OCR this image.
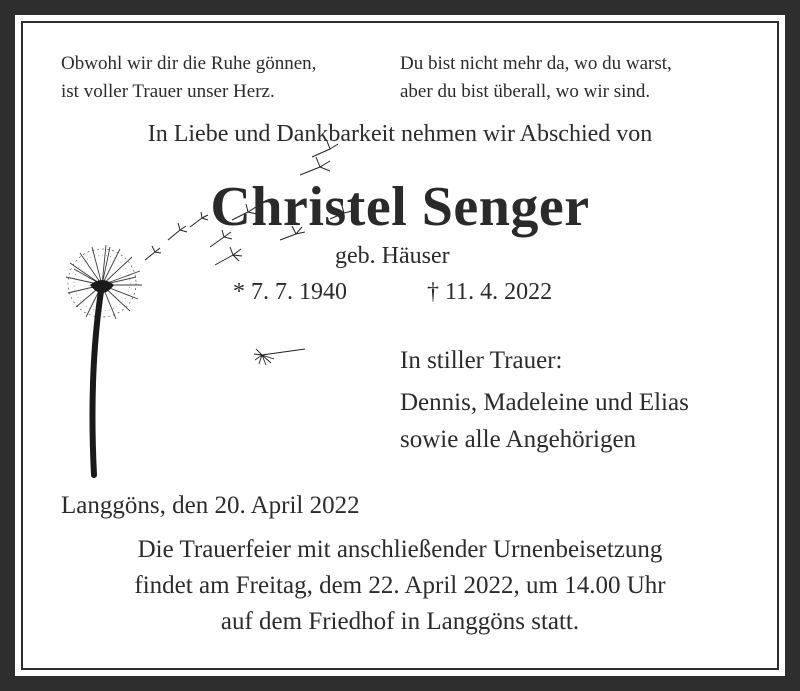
Obwohl wir dir die Ruhe gönnen,
ist voller Trauer unser Herz.
Du bist nicht mehr da, wo du warst,
aber du bist überall, wo wir sind.
In Liebe und Dankbarkeit nehmen wir Abschied von
Christel Senger
geb. Häuser
* 7. 7. 1940	† 11. 4. 2022
In stiller Trauer:
Dennis, Madeleine und Elias
sowie alle Angehörigen
Langgöns, den 20. April 2022
Die Trauerfeier mit anschließender Urnenbeisetzung
findet am Freitag, dem 22. April 2022, um 14.00 Uhr
auf dem Friedhof in Langgöns statt.
